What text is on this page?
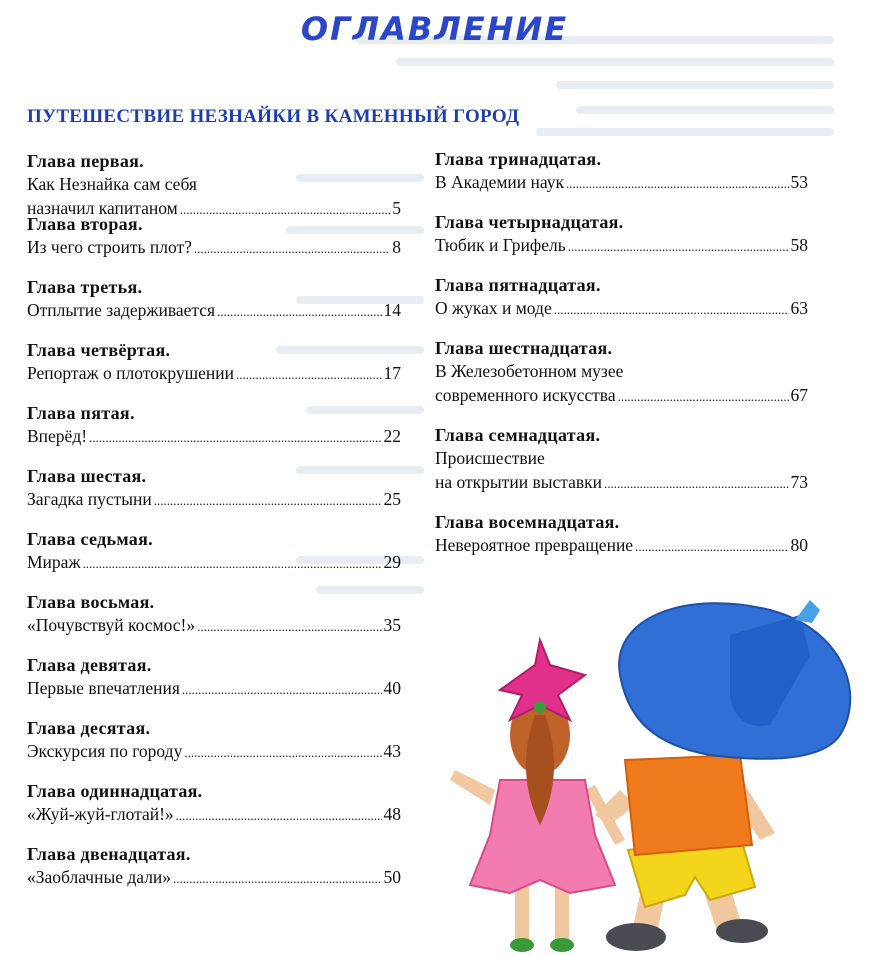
ОГЛАВЛЕНИЕ
ПУТЕШЕСТВИЕ НЕЗНАЙКИ В КАМЕННЫЙ ГОРОД
Глава первая.
Как Незнайка сам себя
назначил капитаном .....	5
Глава вторая.
Из чего строить плот? .....	8
Глава третья.
Отплытие задерживается .....	14
Глава четвёртая.
Репортаж о плотокрушении .....	17
Глава пятая.
Вперёд! .....	22
Глава шестая.
Загадка пустыни .....	25
Глава седьмая.
Мираж .....	29
Глава восьмая.
«Почувствуй космос!» .....	35
Глава девятая.
Первые впечатления .....	40
Глава десятая.
Экскурсия по городу .....	43
Глава одиннадцатая.
«Жуй-жуй-глотай!» .....	48
Глава двенадцатая.
«Заоблачные дали» .....	50
Глава тринадцатая.
В Академии наук .....	53
Глава четырнадцатая.
Тюбик и Грифель .....	58
Глава пятнадцатая.
О жуках и моде .....	63
Глава шестнадцатая.
В Железобетонном музее
современного искусства .....	67
Глава семнадцатая.
Происшествие
на открытии выставки .....	73
Глава восемнадцатая.
Невероятное превращение .....	80
